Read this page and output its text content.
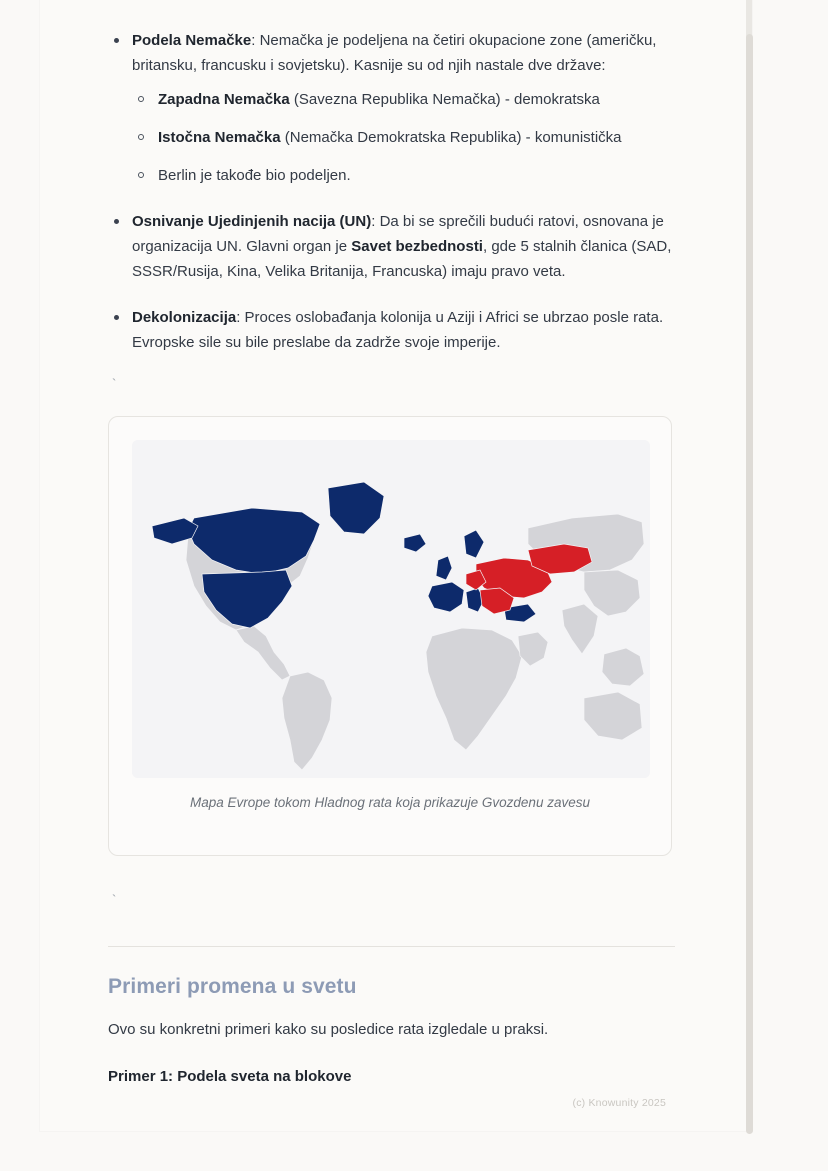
Podela Nemačke: Nemačka je podeljena na četiri okupacione zone (američku, britansku, francusku i sovjetsku). Kasnije su od njih nastale dve države:
Zapadna Nemačka (Savezna Republika Nemačka) - demokratska
Istočna Nemačka (Nemačka Demokratska Republika) - komunistička
Berlin je takođe bio podeljen.
Osnivanje Ujedinjenih nacija (UN): Da bi se sprečili budući ratovi, osnovana je organizacija UN. Glavni organ je Savet bezbednosti, gde 5 stalnih članica (SAD, SSSR/Rusija, Kina, Velika Britanija, Francuska) imaju pravo veta.
Dekolonizacija: Proces oslobađanja kolonija u Aziji i Africi se ubrzao posle rata. Evropske sile su bile preslabe da zadrže svoje imperije.
`
Mapa Evrope tokom Hladnog rata koja prikazuje Gvozdenu zavesu
`
Primeri promena u svetu

Ovo su konkretni primeri kako su posledice rata izgledale u praksi.

Primer 1: Podela sveta na blokove

(c) Knowunity 2025
